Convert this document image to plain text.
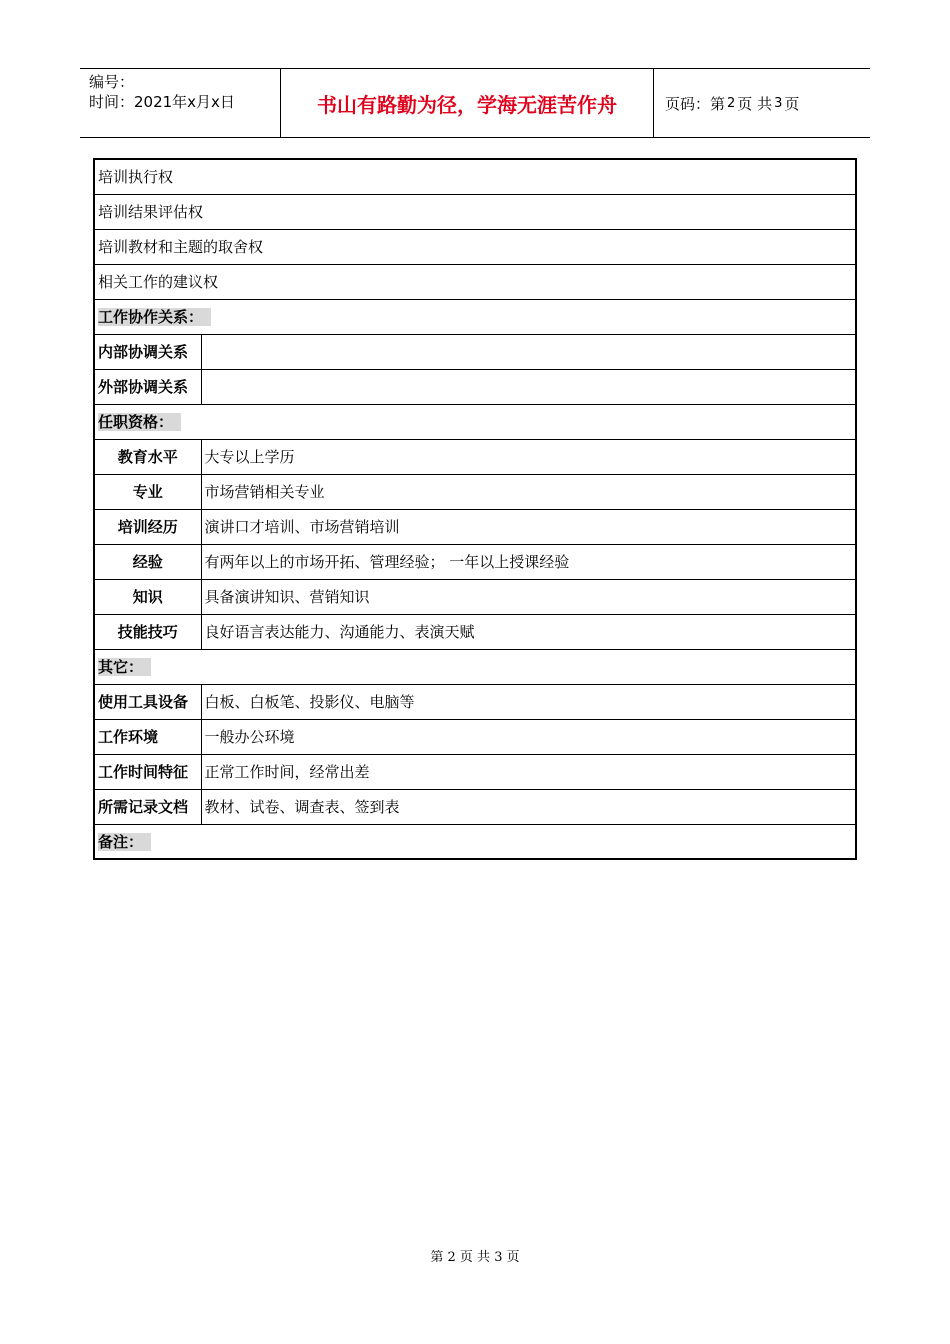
编号：
时间：2021年x月x日	书山有路勤为径，学海无涯苦作舟	页码：第 2 页 共 3 页
培训执行权	
培训结果评估权	
培训教材和主题的取舍权	
相关工作的建议权	
工作协作关系：	
内部协调关系	
外部协调关系	
任职资格：	
教育水平	大专以上学历
专业	市场营销相关专业
培训经历	演讲口才培训、市场营销培训
经验	有两年以上的市场开拓、管理经验； 一年以上授课经验
知识	具备演讲知识、营销知识
技能技巧	良好语言表达能力、沟通能力、表演天赋
其它：	
使用工具设备	白板、白板笔、投影仪、电脑等
工作环境	一般办公环境
工作时间特征	正常工作时间，经常出差
所需记录文档	教材、试卷、调查表、签到表
备注：	
第 2 页 共 3 页
